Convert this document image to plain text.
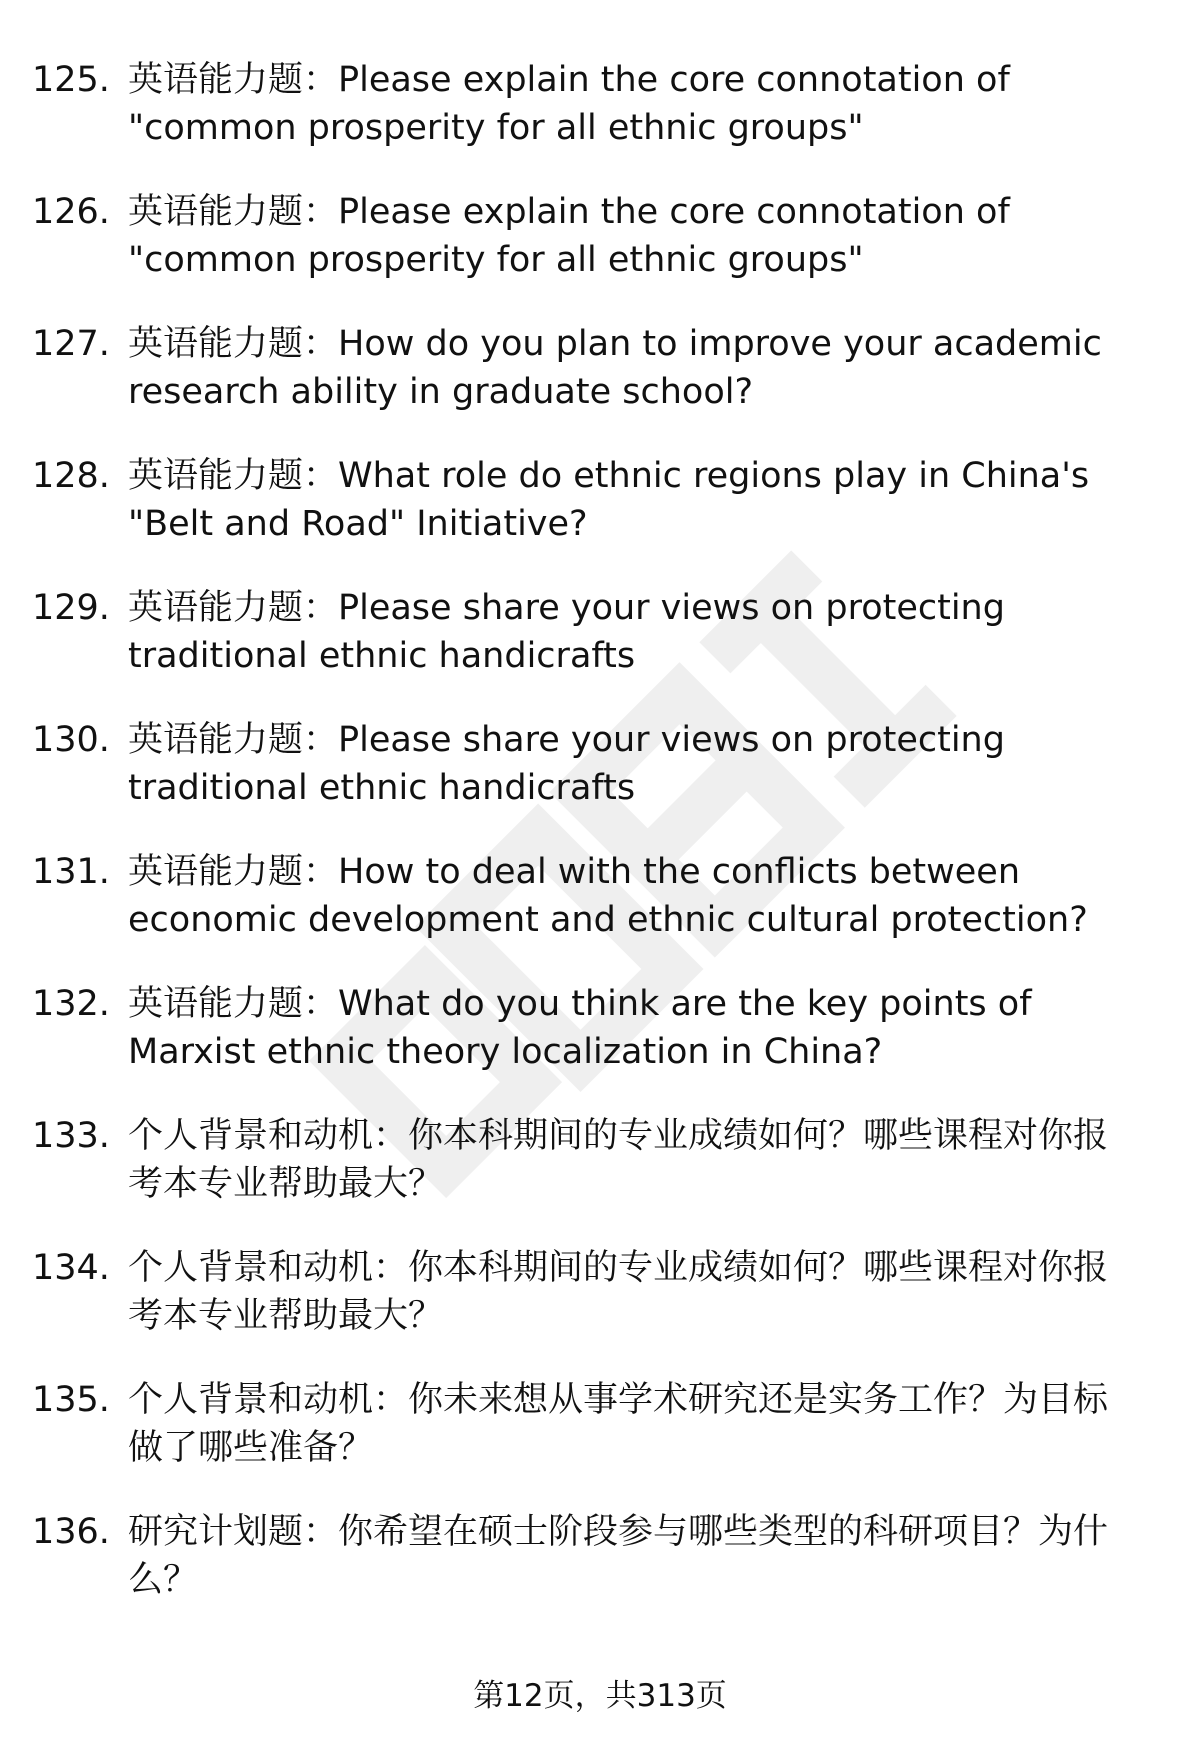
125. 英语能力题：Please explain the core connotation of
"common prosperity for all ethnic groups"
126. 英语能力题：Please explain the core connotation of
"common prosperity for all ethnic groups"
127. 英语能力题：How do you plan to improve your academic
research ability in graduate school?
128. 英语能力题：What role do ethnic regions play in China's
"Belt and Road" Initiative?
129. 英语能力题：Please share your views on protecting
traditional ethnic handicrafts
130. 英语能力题：Please share your views on protecting
traditional ethnic handicrafts
131. 英语能力题：How to deal with the conflicts between
economic development and ethnic cultural protection?
132. 英语能力题：What do you think are the key points of
Marxist ethnic theory localization in China?
133. 个人背景和动机：你本科期间的专业成绩如何？哪些课程对你报
考本专业帮助最大？
134. 个人背景和动机：你本科期间的专业成绩如何？哪些课程对你报
考本专业帮助最大？
135. 个人背景和动机：你未来想从事学术研究还是实务工作？为目标
做了哪些准备？
136. 研究计划题：你希望在硕士阶段参与哪些类型的科研项目？为什
么？
第12页，共313页
